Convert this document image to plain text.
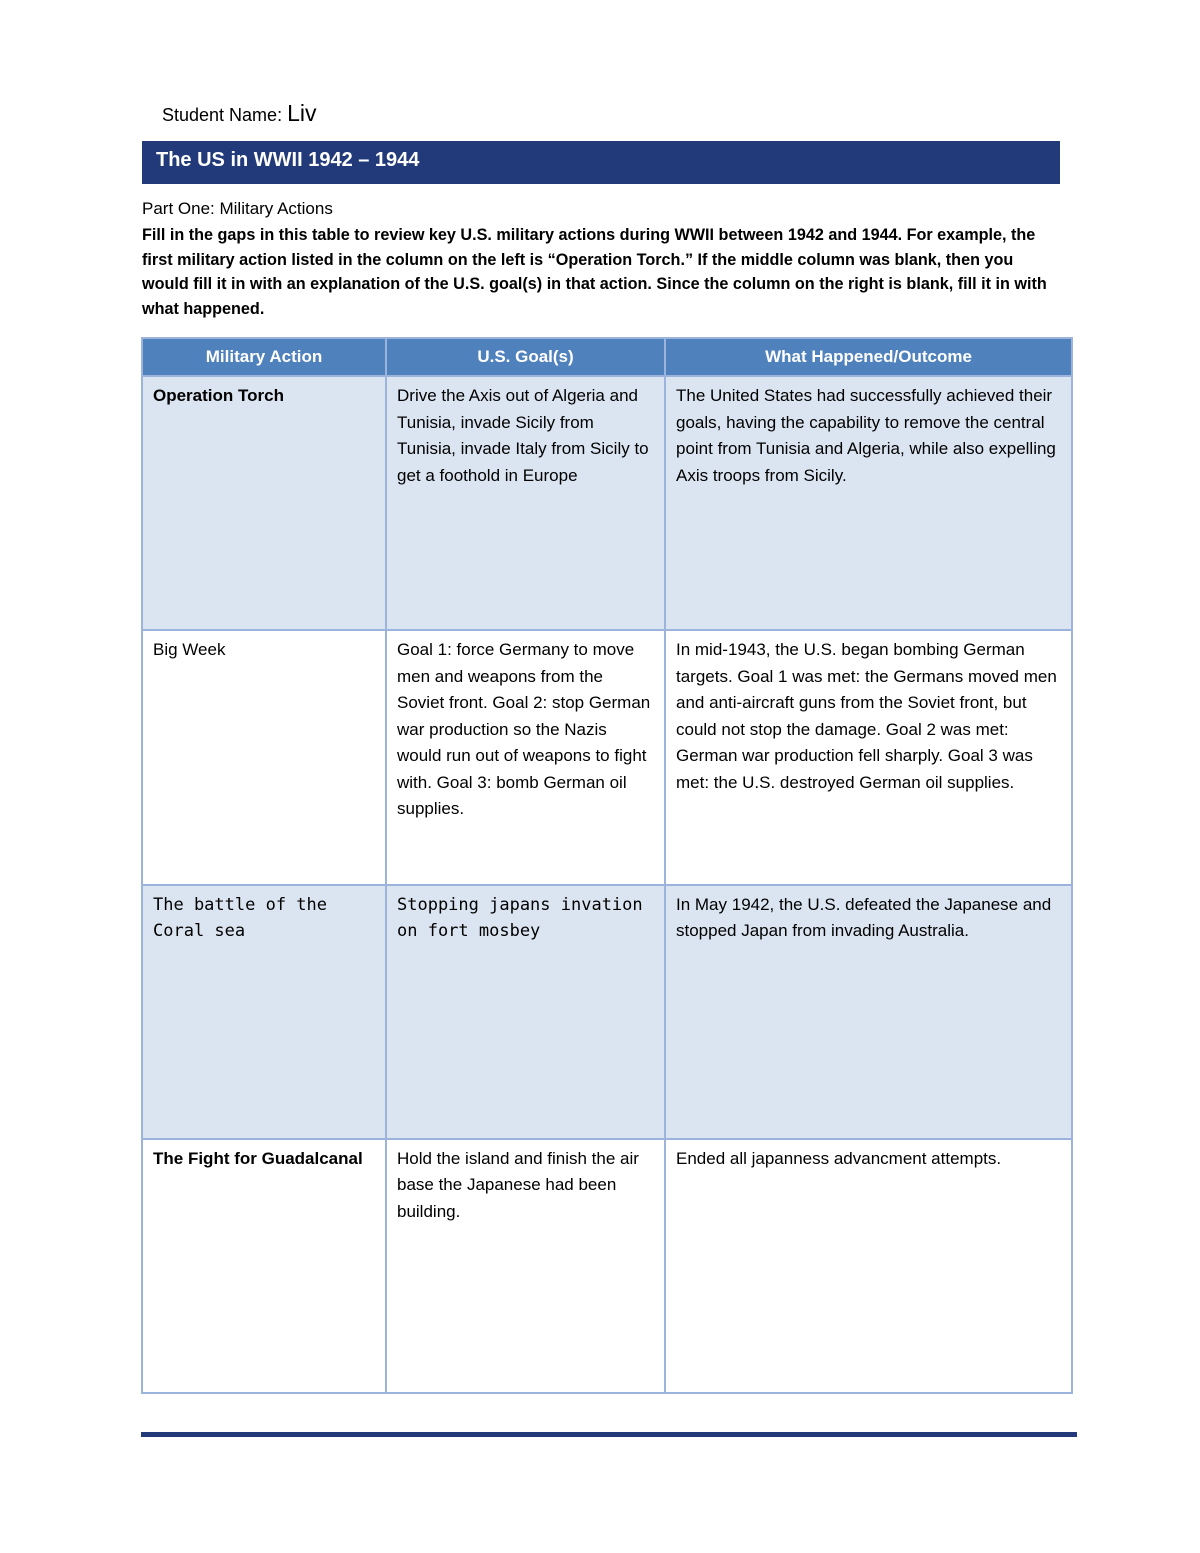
Student Name: Liv
The US in WWII 1942 – 1944
Part One: Military Actions
Fill in the gaps in this table to review key U.S. military actions during WWII between 1942 and 1944. For example, the first military action listed in the column on the left is “Operation Torch.” If the middle column was blank, then you would fill it in with an explanation of the U.S. goal(s) in that action. Since the column on the right is blank, fill it in with what happened.
Military Action	U.S. Goal(s)	What Happened/Outcome
Operation Torch	Drive the Axis out of Algeria and Tunisia, invade Sicily from Tunisia, invade Italy from Sicily to get a foothold in Europe	The United States had successfully achieved their goals, having the capability to remove the central point from Tunisia and Algeria, while also expelling Axis troops from Sicily.
Big Week	Goal 1: force Germany to move men and weapons from the Soviet front. Goal 2: stop German war production so the Nazis would run out of weapons to fight with. Goal 3: bomb German oil supplies.	In mid-1943, the U.S. began bombing German targets. Goal 1 was met: the Germans moved men and anti-aircraft guns from the Soviet front, but could not stop the damage. Goal 2 was met: German war production fell sharply. Goal 3 was met: the U.S. destroyed German oil supplies.
The battle of the Coral sea	Stopping japans invation on fort mosbey	In May 1942, the U.S. defeated the Japanese and stopped Japan from invading Australia.
The Fight for Guadalcanal	Hold the island and finish the air base the Japanese had been building.	Ended all japanness advancment attempts.
